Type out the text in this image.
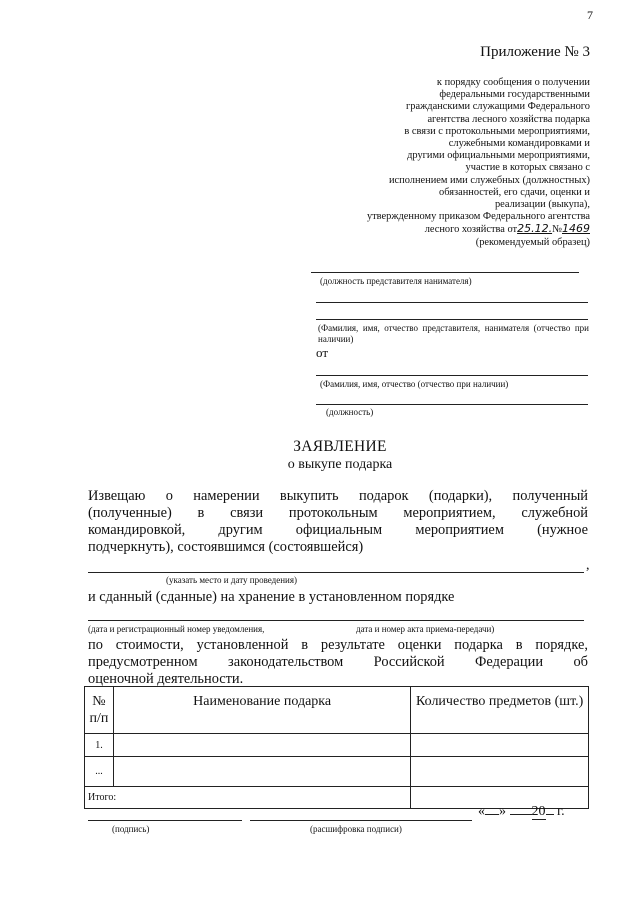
7
Приложение № 3
к порядку сообщения о получении
федеральными государственными
гражданскими служащими Федерального
агентства лесного хозяйства подарка
в связи с протокольными мероприятиями,
служебными командировками и
другими официальными мероприятиями,
участие в которых связано с
исполнением ими служебных (должностных)
обязанностей, его сдачи, оценки и
реализации (выкупа),
утвержденному приказом Федерального агентства
лесного хозяйства от25.12.№1469
(рекомендуемый образец)
(должность представителя нанимателя)
(Фамилия, имя, отчество представителя, нанимателя (отчество при наличии)
от
(Фамилия, имя, отчество (отчество при наличии)
(должность)
ЗАЯВЛЕНИЕ
о выкупе подарка
Извещаю о намерении выкупить подарок (подарки), полученный
(полученные) в связи протокольным мероприятием, служебной
командировкой, другим официальным мероприятием (нужное
подчеркнуть), состоявшимся (состоявшейся)
,
(указать место и дату проведения)
и сданный (сданные) на хранение в установленном порядке
(дата и регистрационный номер уведомления,	дата и номер акта приема-передачи)
по стоимости, установленной в результате оценки подарка в порядке,
предусмотренном законодательством Российской Федерации об
оценочной деятельности.
№ п/п	Наименование подарка	Количество предметов (шт.)
1.		
...		
Итого:		
« » 20 г.
(подпись)	(расшифровка подписи)
